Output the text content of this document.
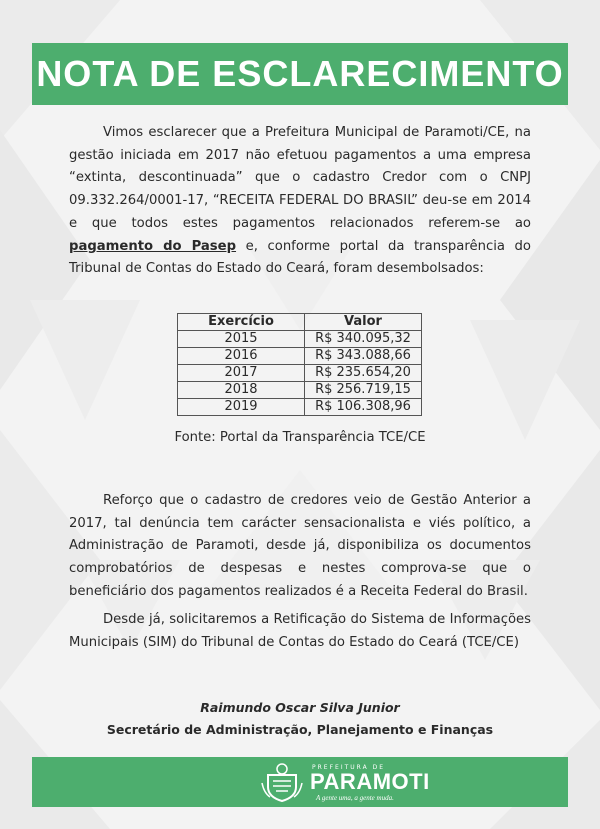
NOTA DE ESCLARECIMENTO

Vimos esclarecer que a Prefeitura Municipal de Paramoti/CE, na gestão iniciada em 2017 não efetuou pagamentos a uma empresa “extinta, descontinuada” que o cadastro Credor com o CNPJ 09.332.264/0001-17, “RECEITA FEDERAL DO BRASIL” deu-se em 2014 e que todos estes pagamentos relacionados referem-se ao pagamento do Pasep e, conforme portal da transparência do Tribunal de Contas do Estado do Ceará, foram desembolsados:

Exercício	Valor
2015	R$ 340.095,32
2016	R$ 343.088,66
2017	R$ 235.654,20
2018	R$ 256.719,15
2019	R$ 106.308,96
Fonte: Portal da Transparência TCE/CE

Reforço que o cadastro de credores veio de Gestão Anterior a 2017, tal denúncia tem carácter sensacionalista e viés político, a Administração de Paramoti, desde já, disponibiliza os documentos comprobatórios de despesas e nestes comprova-se que o beneficiário dos pagamentos realizados é a Receita Federal do Brasil.

Desde já, solicitaremos a Retificação do Sistema de Informações Municipais (SIM) do Tribunal de Contas do Estado do Ceará (TCE/CE)

Raimundo Oscar Silva Junior
Secretário de Administração, Planejamento e Finanças
PREFEITURA DE
PARAMOTI
A gente uma, a gente muda.
